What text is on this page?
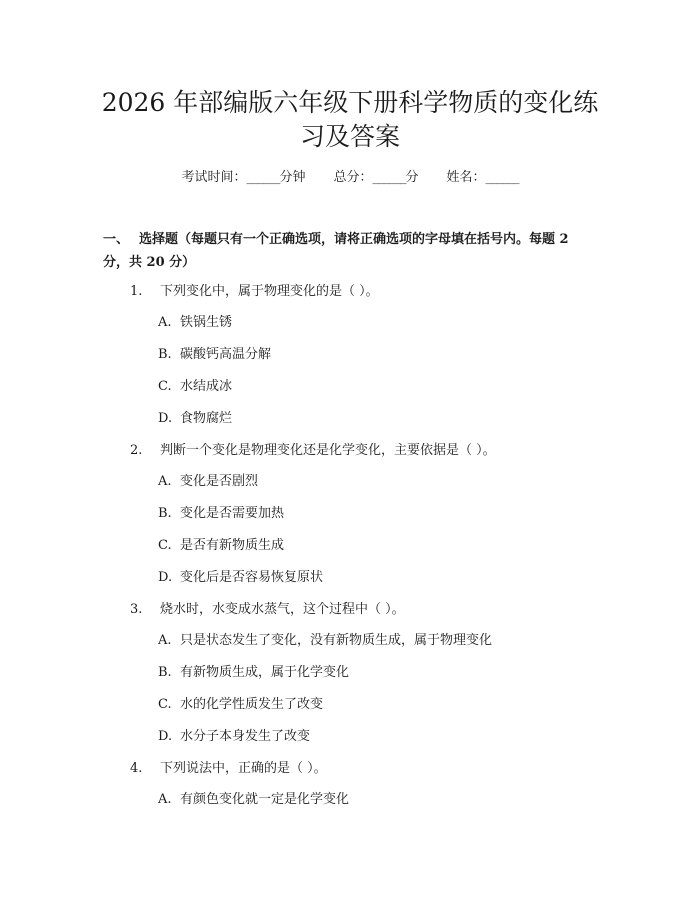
2026 年部编版六年级下册科学物质的变化练
习及答案
考试时间：______分钟 总分：______分 姓名：______
一、 选择题（每题只有一个正确选项，请将正确选项的字母填在括号内。每题 2
分，共 20 分）
1. 下列变化中，属于物理变化的是（ ）。
A. 铁锅生锈
B. 碳酸钙高温分解
C. 水结成冰
D. 食物腐烂
2. 判断一个变化是物理变化还是化学变化，主要依据是（ ）。
A. 变化是否剧烈
B. 变化是否需要加热
C. 是否有新物质生成
D. 变化后是否容易恢复原状
3. 烧水时，水变成水蒸气，这个过程中（ ）。
A. 只是状态发生了变化，没有新物质生成，属于物理变化
B. 有新物质生成，属于化学变化
C. 水的化学性质发生了改变
D. 水分子本身发生了改变
4. 下列说法中，正确的是（ ）。
A. 有颜色变化就一定是化学变化
